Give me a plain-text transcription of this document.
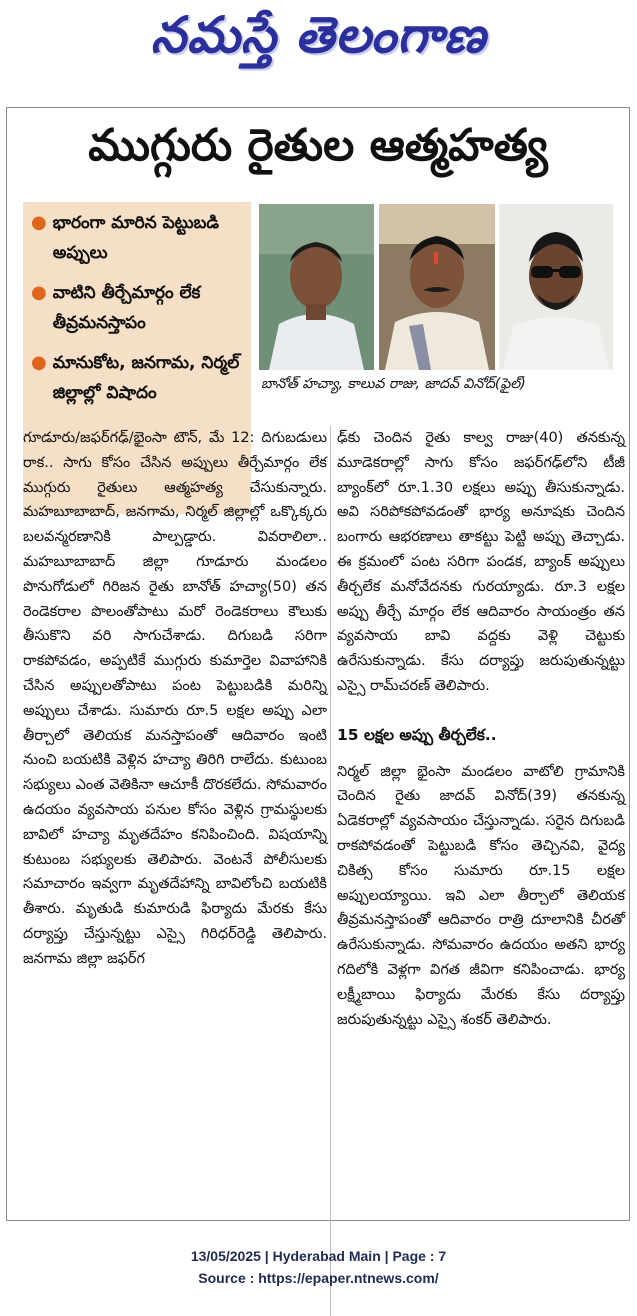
నమస్తే తెలంగాణ
ముగ్గురు రైతుల ఆత్మహత్య
● భారంగా మారిన పెట్టుబడి అప్పులు
● వాటిని తీర్చేమార్గం లేక తీవ్రమనస్తాపం
● మానుకోట, జనగామ, నిర్మల్ జిల్లాల్లో విషాదం	బానోత్ హచ్యా, కాలువ రాజు, జాదవ్ వినోద్(ఫైల్)

గూడూరు/జఫర్‌గఢ్/భైంసా టౌన్, మే 12: దిగుబడులు రాక.. సాగు కోసం చేసిన అప్పులు తీర్చేమార్గం లేక ముగ్గురు రైతులు ఆత్మహత్య చేసుకున్నారు. మహబూబాబాద్, జనగామ, నిర్మల్ జిల్లాల్లో ఒక్కొక్కరు బలవన్మరణానికి పాల్పడ్డారు. వివరాలిలా.. మహబూబాబాద్ జిల్లా గూడూరు మండలం పొనుగోడులో గిరిజన రైతు బానోత్ హచ్యా(50) తన రెండెకరాల పొలంతోపాటు మరో రెండెకరాలు కౌలుకు తీసుకొని వరి సాగుచేశాడు. దిగుబడి సరిగా రాకపోవడం, అప్పటికే ముగ్గురు కుమార్తెల వివాహానికి చేసిన అప్పులతోపాటు పంట పెట్టుబడికి మరిన్ని అప్పులు చేశాడు. సుమారు రూ.5 లక్షల అప్పు ఎలా తీర్చాలో తెలియక మనస్తాపంతో ఆదివారం ఇంటి నుంచి బయటికి వెళ్లిన హచ్యా తిరిగి రాలేదు. కుటుంబ సభ్యులు ఎంత వెతికినా ఆచూకీ దొరకలేదు. సోమవారం ఉదయం వ్యవసాయ పనుల కోసం వెళ్లిన గ్రామస్థులకు బావిలో హచ్యా మృతదేహం కనిపించింది. విషయాన్ని కుటుంబ సభ్యులకు తెలిపారు. వెంటనే పోలీసులకు సమాచారం ఇవ్వగా మృతదేహాన్ని బావిలోంచి బయటికి తీశారు. మృతుడి కుమారుడి ఫిర్యాదు మేరకు కేసు దర్యాప్తు చేస్తున్నట్టు ఎస్సై గిరిధర్‌రెడ్డి తెలిపారు. జనగామ జిల్లా జఫర్‌గ

ఢ్‌కు చెందిన రైతు కాల్వ రాజు(40) తనకున్న మూడెకరాల్లో సాగు కోసం జఫర్‌గఢ్‌లోని టీజీ బ్యాంక్‌లో రూ.1.30 లక్షలు అప్పు తీసుకున్నాడు. అవి సరిపోకపోవడంతో భార్య అనూషకు చెందిన బంగారు ఆభరణాలు తాకట్టు పెట్టి అప్పు తెచ్చాడు. ఈ క్రమంలో పంట సరిగా పండక, బ్యాంక్ అప్పులు తీర్చలేక మనోవేదనకు గురయ్యాడు. రూ.3 లక్షల అప్పు తీర్చే మార్గం లేక ఆదివారం సాయంత్రం తన వ్యవసాయ బావి వద్దకు వెళ్లి చెట్టుకు ఉరేసుకున్నాడు. కేసు దర్యాప్తు జరుపుతున్నట్టు ఎస్సై రామ్‌చరణ్ తెలిపారు.

15 లక్షల అప్పు తీర్చలేక..

నిర్మల్ జిల్లా భైంసా మండలం వాటోలి గ్రామానికి చెందిన రైతు జాదవ్ వినోద్(39) తనకున్న ఏడెకరాల్లో వ్యవసాయం చేస్తున్నాడు. సరైన దిగుబడి రాకపోవడంతో పెట్టుబడి కోసం తెచ్చినవి, వైద్య చికిత్స కోసం సుమారు రూ.15 లక్షల అప్పులయ్యాయి. ఇవి ఎలా తీర్చాలో తెలియక తీవ్రమనస్తాపంతో ఆదివారం రాత్రి దూలానికి చీరతో ఉరేసుకున్నాడు. సోమవారం ఉదయం అతని భార్య గదిలోకి వెళ్లగా విగత జీవిగా కనిపించాడు. భార్య లక్ష్మీబాయి ఫిర్యాదు మేరకు కేసు దర్యాప్తు జరుపుతున్నట్టు ఎస్సై శంకర్ తెలిపారు.

13/05/2025 | Hyderabad Main | Page : 7
Source : https://epaper.ntnews.com/
